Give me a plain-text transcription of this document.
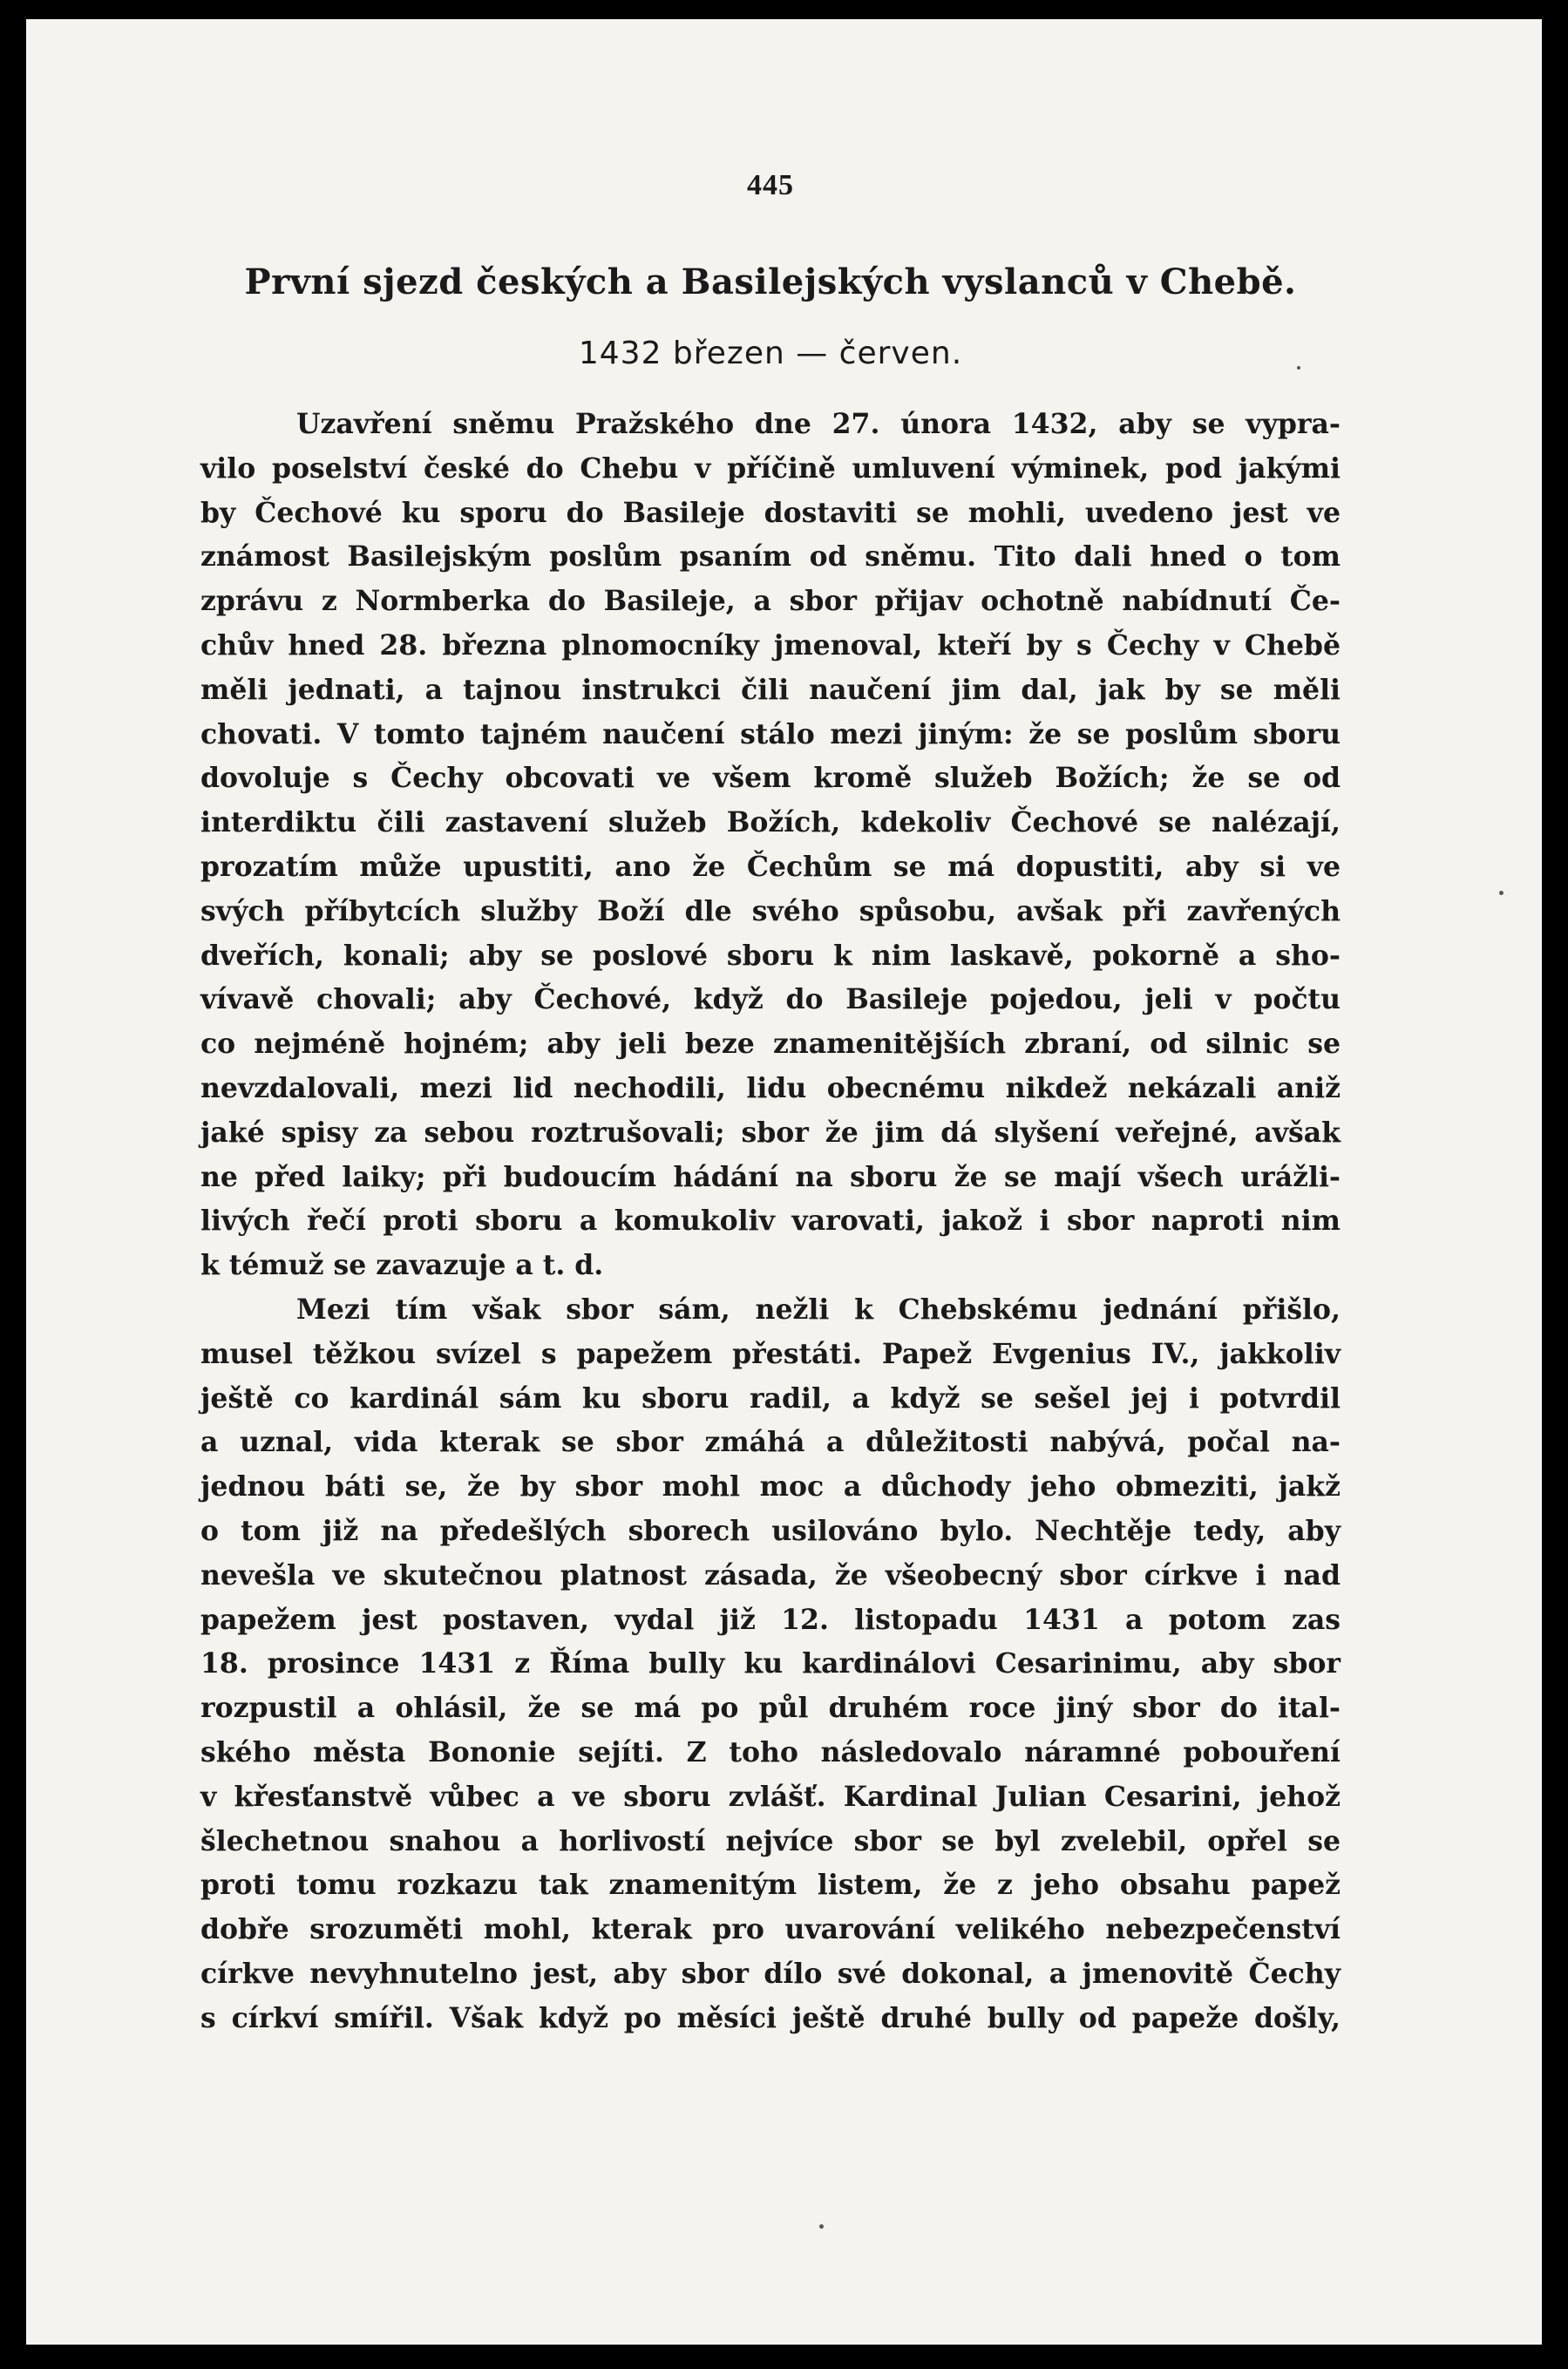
445
První sjezd českých a Basilejských vyslanců v Chebě.
1432 březen — červen.
Uzavření sněmu Pražského dne 27. února 1432, aby se vypra-
vilo poselství české do Chebu v příčině umluvení výminek, pod jakými
by Čechové ku sporu do Basileje dostaviti se mohli, uvedeno jest ve
známost Basilejským poslům psaním od sněmu. Tito dali hned o tom
zprávu z Normberka do Basileje, a sbor přijav ochotně nabídnutí Če-
chův hned 28. března plnomocníky jmenoval, kteří by s Čechy v Chebě
měli jednati, a tajnou instrukci čili naučení jim dal, jak by se měli
chovati. V tomto tajném naučení stálo mezi jiným: že se poslům sboru
dovoluje s Čechy obcovati ve všem kromě služeb Božích; že se od
interdiktu čili zastavení služeb Božích, kdekoliv Čechové se nalézají,
prozatím může upustiti, ano že Čechům se má dopustiti, aby si ve
svých příbytcích služby Boží dle svého spůsobu, avšak při zavřených
dveřích, konali; aby se poslové sboru k nim laskavě, pokorně a sho-
vívavě chovali; aby Čechové, když do Basileje pojedou, jeli v počtu
co nejméně hojném; aby jeli beze znamenitějších zbraní, od silnic se
nevzdalovali, mezi lid nechodili, lidu obecnému nikdež nekázali aniž
jaké spisy za sebou roztrušovali; sbor že jim dá slyšení veřejné, avšak
ne před laiky; při budoucím hádání na sboru že se mají všech urážli-
livých řečí proti sboru a komukoliv varovati, jakož i sbor naproti nim
k témuž se zavazuje a t. d.
Mezi tím však sbor sám, nežli k Chebskému jednání přišlo,
musel těžkou svízel s papežem přestáti. Papež Evgenius IV., jakkoliv
ještě co kardinál sám ku sboru radil, a když se sešel jej i potvrdil
a uznal, vida kterak se sbor zmáhá a důležitosti nabývá, počal na-
jednou báti se, že by sbor mohl moc a důchody jeho obmeziti, jakž
o tom již na předešlých sborech usilováno bylo. Nechtěje tedy, aby
nevešla ve skutečnou platnost zásada, že všeobecný sbor církve i nad
papežem jest postaven, vydal již 12. listopadu 1431 a potom zas
18. prosince 1431 z Říma bully ku kardinálovi Cesarinimu, aby sbor
rozpustil a ohlásil, že se má po půl druhém roce jiný sbor do ital-
ského města Bononie sejíti. Z toho následovalo náramné pobouření
v křesťanstvě vůbec a ve sboru zvlášť. Kardinal Julian Cesarini, jehož
šlechetnou snahou a horlivostí nejvíce sbor se byl zvelebil, opřel se
proti tomu rozkazu tak znamenitým listem, že z jeho obsahu papež
dobře srozuměti mohl, kterak pro uvarování velikého nebezpečenství
církve nevyhnutelno jest, aby sbor dílo své dokonal, a jmenovitě Čechy
s církví smířil. Však když po měsíci ještě druhé bully od papeže došly,
